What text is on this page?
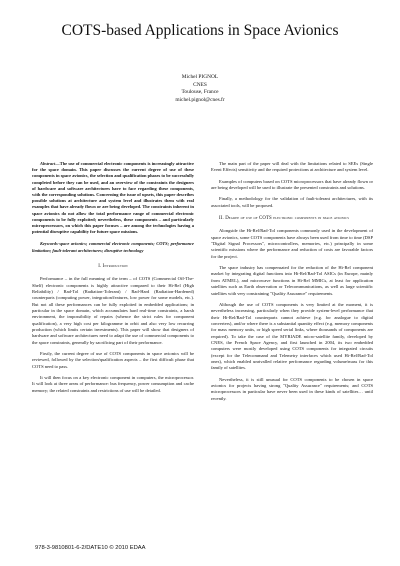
COTS-based Applications in Space Avionics
Michel PIGNOL
CNES
Toulouse, France
michel.pignol@cnes.fr

Abstract—The use of commercial electronic components is increasingly attractive for the space domain. This paper discusses the current degree of use of these components in space avionics, the selection and qualification phases to be successfully completed before they can be used, and an overview of the constraints the designers of hardware and software architectures have to face regarding these components, with the corresponding solutions. Concerning the issue of upsets, this paper describes possible solutions at architecture and system level and illustrates them with real examples that have already flown or are being developed. The constraints inherent in space avionics do not allow the total performance range of commercial electronic components to be fully exploited; nevertheless, these components – and particularly microprocessors, on which this paper focuses – are among the technologies having a potential disruptive capability for future space missions.

Keywords-space avionics; commercial electronic components; COTS; performance limitation; fault-tolerant architectures; disruptive technology

I. Introduction

Performance – in the full meaning of the term – of COTS (Commercial Off-The-Shelf) electronic components is highly attractive compared to their Hi-Rel (High Reliability) / Rad-Tol (Radiation-Tolerant) / Rad-Hard (Radiation-Hardened) counterparts (computing power, integration/features, low power for some models, etc.). But not all these performances can be fully exploited in embedded applications; in particular in the space domain, which accumulates hard real-time constraints, a harsh environment, the impossibility of repairs (whence the strict rules for component qualification), a very high cost per kilogramme in orbit and also very low recurring production (which limits certain investments). This paper will show that designers of hardware and software architectures need to adapt the use of commercial components to the space constraints, generally by sacrificing part of their performance.

Firstly, the current degree of use of COTS components in space avionics will be reviewed, followed by the selection/qualification aspects – the first difficult phase that COTS need to pass.

It will then focus on a key electronic component in computers, the microprocessor. It will look at three areas of performance: bus frequency, power consumption and cache memory; the related constraints and restrictions of use will be detailed.

The main part of the paper will deal with the limitations related to SEEs (Single Event Effects) sensitivity and the required protections at architecture and system level.

Examples of computers based on COTS microprocessors that have already flown or are being developed will be used to illustrate the presented constraints and solutions.

Finally, a methodology for the validation of fault-tolerant architectures, with its associated tools, will be proposed.

II. Degree of use of COTS electronic components in space avionics

Alongside the Hi-Rel/Rad-Tol components commonly used in the development of space avionics, some COTS components have always been used from time to time (DSP "Digital Signal Processors", microcontrollers, memories, etc.) principally in some scientific missions where the performance and reduction of costs are favorable factors for the project.

The space industry has compensated for the reduction of the Hi-Rel component market by integrating digital functions into Hi-Rel/Rad-Tol ASICs (in Europe, mainly from ATMEL), and microwave functions in Hi-Rel MMICs, at least for application satellites such as Earth observation or Telecommunications, as well as large scientific satellites with very constraining "Quality Assurance" requirements.

Although the use of COTS components is very limited at the moment, it is nevertheless increasing, particularly when they provide system-level performance that their Hi-Rel/Rad-Tol counterparts cannot achieve (e.g. for analogue to digital converters), and/or where there is a substantial quantity effect (e.g. memory components for mass memory units, or high speed serial links, where thousands of components are required). To take the case of the MYRIADE micro-satellite family, developed by CNES, the French Space Agency, and first launched in 2004, its two embedded computers were mostly developed using COTS components for integrated circuits (except for the Telecommand and Telemetry interfaces which used Hi-Rel/Rad-Tol ones), which enabled unrivalled relative performance regarding volume/mass for this family of satellites.

Nevertheless, it is still unusual for COTS components to be chosen in space avionics for projects having strong "Quality Assurance" requirements; and COTS microprocessors in particular have never been used in these kinds of satellites… until recently.

978-3-9810801-6-2/DATE10 © 2010 EDAA
